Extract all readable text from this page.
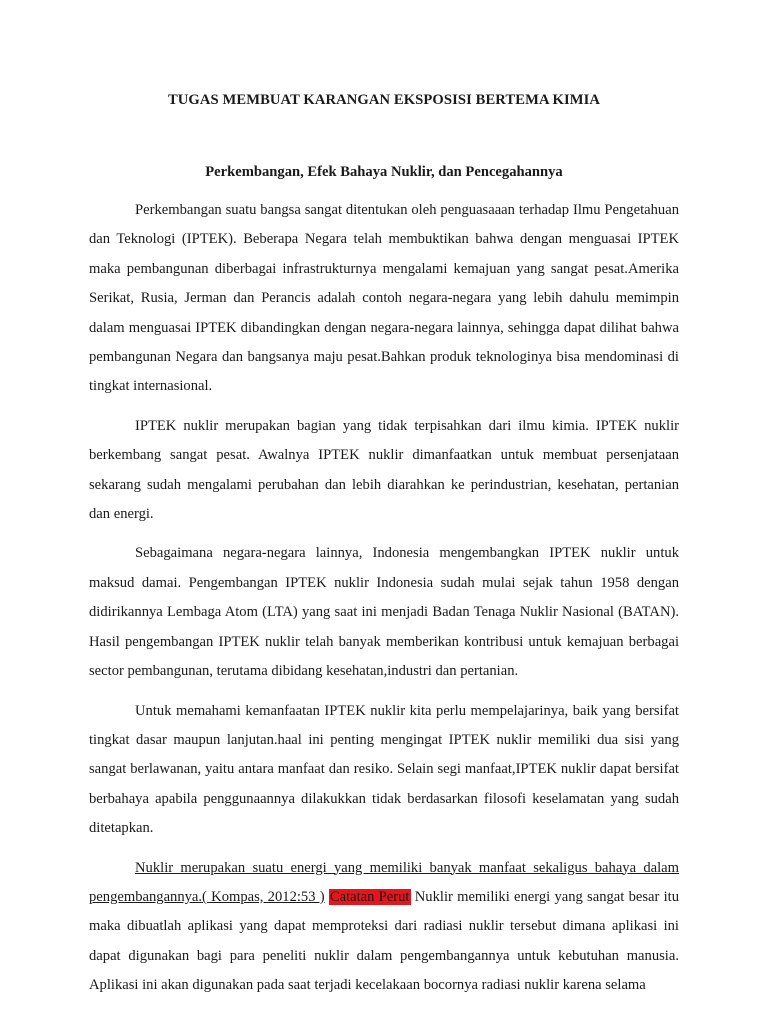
TUGAS MEMBUAT KARANGAN EKSPOSISI BERTEMA KIMIA
Perkembangan, Efek Bahaya Nuklir, dan Pencegahannya

Perkembangan suatu bangsa sangat ditentukan oleh penguasaaan terhadap Ilmu Pengetahuan dan Teknologi (IPTEK). Beberapa Negara telah membuktikan bahwa dengan menguasai IPTEK maka pembangunan diberbagai infrastrukturnya mengalami kemajuan yang sangat pesat.Amerika Serikat, Rusia, Jerman dan Perancis adalah contoh negara-negara yang lebih dahulu memimpin dalam menguasai IPTEK dibandingkan dengan negara-negara lainnya, sehingga dapat dilihat bahwa pembangunan Negara dan bangsanya maju pesat.Bahkan produk teknologinya bisa mendominasi di tingkat internasional.

IPTEK nuklir merupakan bagian yang tidak terpisahkan dari ilmu kimia. IPTEK nuklir berkembang sangat pesat. Awalnya IPTEK nuklir dimanfaatkan untuk membuat persenjataan sekarang sudah mengalami perubahan dan lebih diarahkan ke perindustrian, kesehatan, pertanian dan energi.

Sebagaimana negara-negara lainnya, Indonesia mengembangkan IPTEK nuklir untuk maksud damai. Pengembangan IPTEK nuklir Indonesia sudah mulai sejak tahun 1958 dengan didirikannya Lembaga Atom (LTA) yang saat ini menjadi Badan Tenaga Nuklir Nasional (BATAN). Hasil pengembangan IPTEK nuklir telah banyak memberikan kontribusi untuk kemajuan berbagai sector pembangunan, terutama dibidang kesehatan,industri dan pertanian.

Untuk memahami kemanfaatan IPTEK nuklir kita perlu mempelajarinya, baik yang bersifat tingkat dasar maupun lanjutan.haal ini penting mengingat IPTEK nuklir memiliki dua sisi yang sangat berlawanan, yaitu antara manfaat dan resiko. Selain segi manfaat,IPTEK nuklir dapat bersifat berbahaya apabila penggunaannya dilakukkan tidak berdasarkan filosofi keselamatan yang sudah ditetapkan.

Nuklir merupakan suatu energi yang memiliki banyak manfaat sekaligus bahaya dalam pengembangannya.( Kompas, 2012:53 ) Catatan Perut Nuklir memiliki energi yang sangat besar itu maka dibuatlah aplikasi yang dapat memproteksi dari radiasi nuklir tersebut dimana aplikasi ini dapat digunakan bagi para peneliti nuklir dalam pengembangannya untuk kebutuhan manusia. Aplikasi ini akan digunakan pada saat terjadi kecelakaan bocornya radiasi nuklir karena selama
